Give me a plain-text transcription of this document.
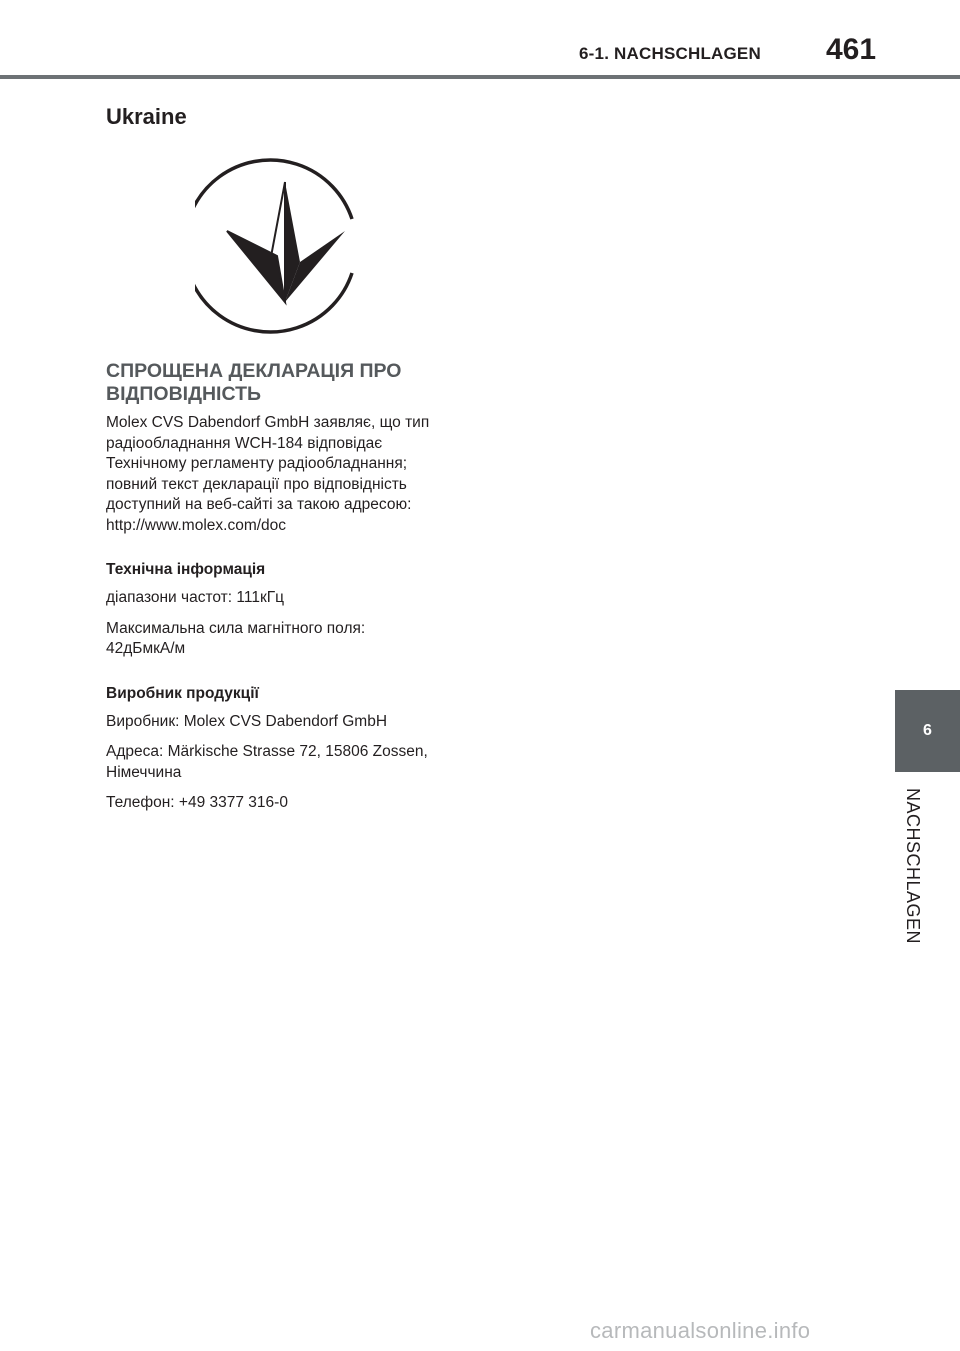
6-1. NACHSCHLAGEN	461
Ukraine
СПРОЩЕНА ДЕКЛАРАЦІЯ ПРО ВІДПОВІДНІСТЬ
Molex CVS Dabendorf GmbH заявляє, що тип
радіообладнання WCH-184 відповідає
Технічному регламенту радіообладнання;
повний текст декларації про відповідність
доступний на веб-сайті за такою адресою:
http://www.molex.com/doc
Технічна інформація
діапазони частот: 111кГц
Максимальна сила магнітного поля:
42дБмкА/м
Виробник продукції
Виробник: Molex CVS Dabendorf GmbH
Адреса: Märkische Strasse 72, 15806 Zossen,
Німеччина
Телефон: +49 3377 316-0
6
NACHSCHLAGEN
carmanualsonline.info
